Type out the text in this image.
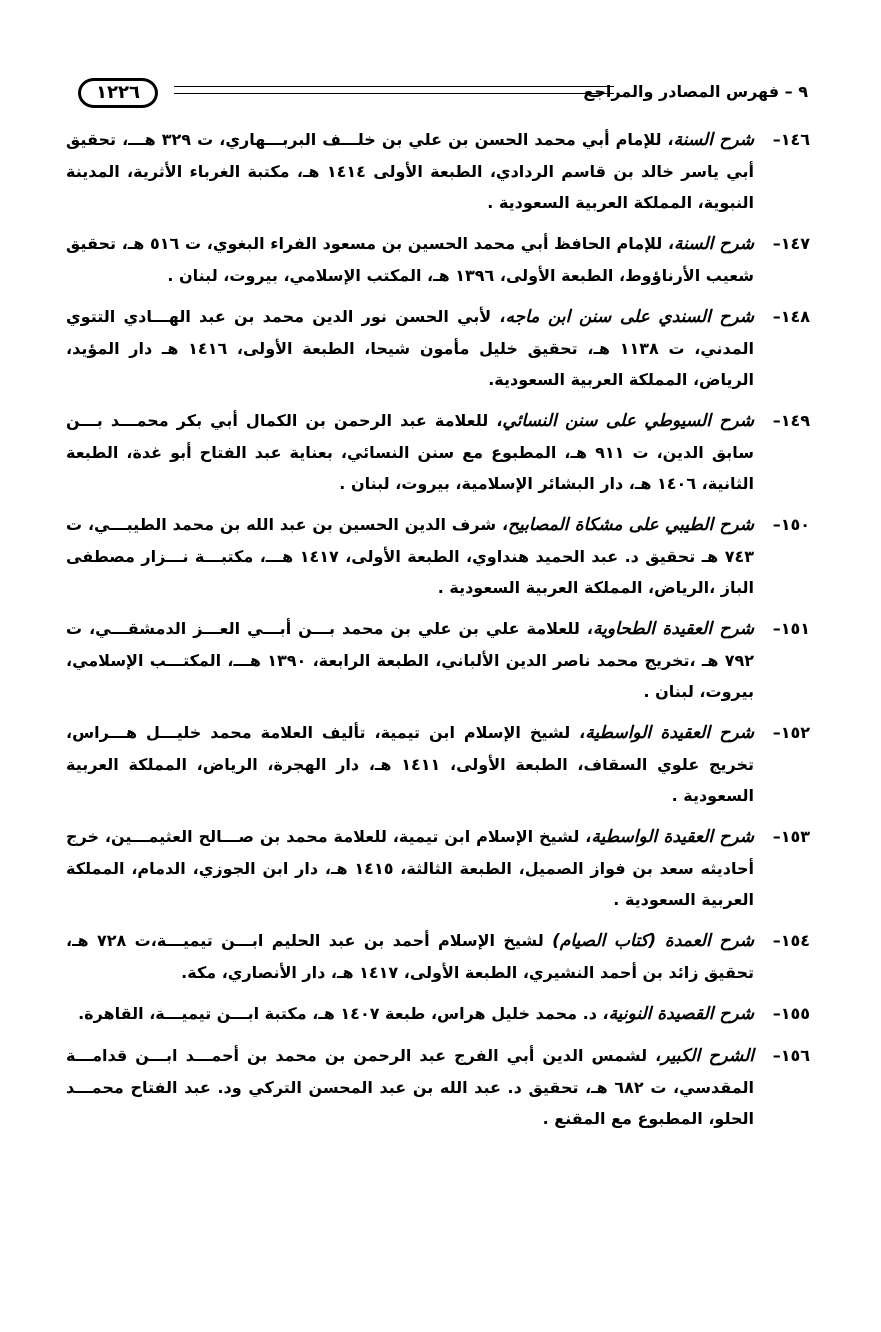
١٢٢٦	٩ – فهرس المصادر والمراجع
١٤٦–
شرح السنة، للإمام أبي محمد الحسن بن علي بن خلـــف البربـــهاري، ت ٣٢٩ هـــ، تحقيق أبي ياسر خالد بن قاسم الردادي، الطبعة الأولى ١٤١٤ هـ، مكتبة الغرباء الأثرية، المدينة النبوية، المملكة العربية السعودية .
١٤٧–
شرح السنة، للإمام الحافظ أبي محمد الحسين بن مسعود الفراء البغوي، ت ٥١٦ هـ، تحقيق شعيب الأرناؤوط، الطبعة الأولى، ١٣٩٦ هـ، المكتب الإسلامي، بيروت، لبنان .
١٤٨–
شرح السندي على سنن ابن ماجه، لأبي الحسن نور الدين محمد بن عبد الهـــادي التتوي المدني، ت ١١٣٨ هـ، تحقيق خليل مأمون شيحا، الطبعة الأولى، ١٤١٦ هـ دار المؤيد، الرياض، المملكة العربية السعودية.
١٤٩–
شرح السيوطي على سنن النسائي، للعلامة عبد الرحمن بن الكمال أبي بكر محمـــد بـــن سابق الدين، ت ٩١١ هـ، المطبوع مع سنن النسائي، بعناية عبد الفتاح أبو غدة، الطبعة الثانية، ١٤٠٦ هـ، دار البشائر الإسلامية، بيروت، لبنان .
١٥٠–
شرح الطيبي على مشكاة المصابيح، شرف الدين الحسين بن عبد الله بن محمد الطيبـــي، ت ٧٤٣ هـ تحقيق د. عبد الحميد هنداوي، الطبعة الأولى، ١٤١٧ هـــ، مكتبـــة نـــزار مصطفى الباز ،الرياض، المملكة العربية السعودية .
١٥١–
شرح العقيدة الطحاوية، للعلامة علي بن علي بن محمد بـــن أبـــي العـــز الدمشقـــي، ت ٧٩٢ هـ ،تخريج محمد ناصر الدين الألباني، الطبعة الرابعة، ١٣٩٠ هـــ، المكتـــب الإسلامي، بيروت، لبنان .
١٥٢–
شرح العقيدة الواسطية، لشيخ الإسلام ابن تيمية، تأليف العلامة محمد خليـــل هـــراس، تخريج علوي السقاف، الطبعة الأولى، ١٤١١ هـ، دار الهجرة، الرياض، المملكة العربية السعودية .
١٥٣–
شرح العقيدة الواسطية، لشيخ الإسلام ابن تيمية، للعلامة محمد بن صـــالح العثيمـــين، خرج أحاديثه سعد بن فواز الصميل، الطبعة الثالثة، ١٤١٥ هـ، دار ابن الجوزي، الدمام، المملكة العربية السعودية .
١٥٤–
شرح العمدة (كتاب الصيام) لشيخ الإسلام أحمد بن عبد الحليم ابـــن تيميـــة،ت ٧٢٨ هـ، تحقيق زائد بن أحمد النشيري، الطبعة الأولى، ١٤١٧ هـ، دار الأنصاري، مكة.
١٥٥–
شرح القصيدة النونية، د. محمد خليل هراس، طبعة ١٤٠٧ هـ، مكتبة ابـــن تيميـــة، القاهرة.
١٥٦–
الشرح الكبير، لشمس الدين أبي الفرج عبد الرحمن بن محمد بن أحمـــد ابـــن قدامـــة المقدسي، ت ٦٨٢ هـ، تحقيق د. عبد الله بن عبد المحسن التركي ود. عبد الفتاح محمـــد الحلو، المطبوع مع المقنع .
